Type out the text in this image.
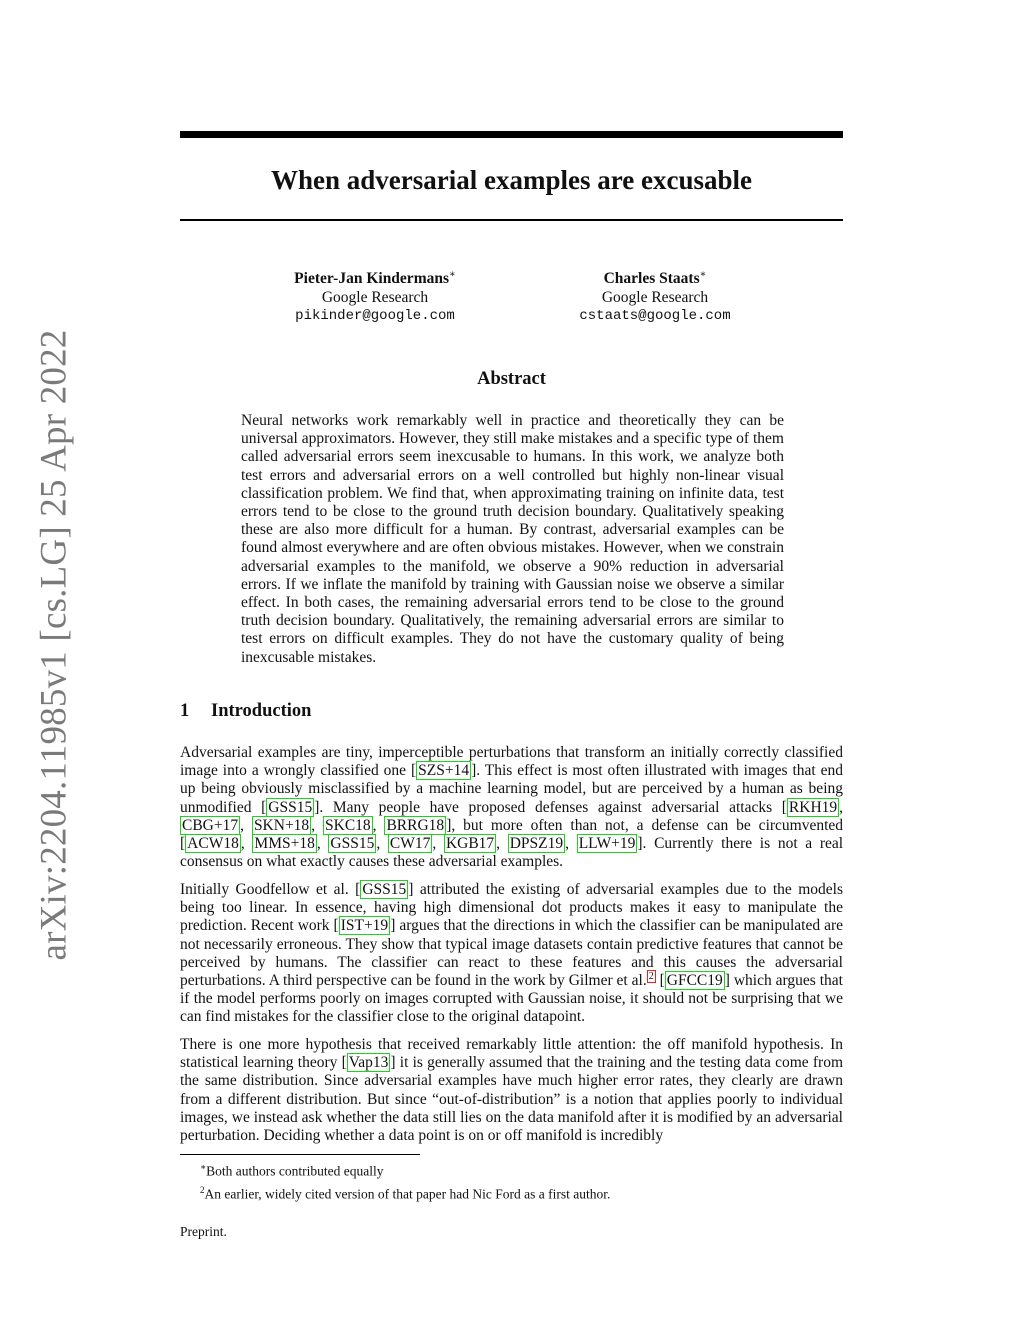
arXiv:2204.11985v1 [cs.LG] 25 Apr 2022
When adversarial examples are excusable
Pieter-Jan Kindermans∗
Google Research
pikinder@google.com
Charles Staats∗
Google Research
cstaats@google.com
Abstract

Neural networks work remarkably well in practice and theoretically they can be universal approximators. However, they still make mistakes and a specific type of them called adversarial errors seem inexcusable to humans. In this work, we analyze both test errors and adversarial errors on a well controlled but highly non-linear visual classification problem. We find that, when approximating training on infinite data, test errors tend to be close to the ground truth decision boundary. Qualitatively speaking these are also more difficult for a human. By contrast, adversarial examples can be found almost everywhere and are often obvious mistakes. However, when we constrain adversarial examples to the manifold, we observe a 90% reduction in adversarial errors. If we inflate the manifold by training with Gaussian noise we observe a similar effect. In both cases, the remaining adversarial errors tend to be close to the ground truth decision boundary. Qualitatively, the remaining adversarial errors are similar to test errors on difficult examples. They do not have the customary quality of being inexcusable mistakes.

1 Introduction

Adversarial examples are tiny, imperceptible perturbations that transform an initially correctly classified image into a wrongly classified one [ SZS+14 ]. This effect is most often illustrated with images that end up being obviously misclassified by a machine learning model, but are perceived by a human as being unmodified [ GSS15 ]. Many people have proposed defenses against adversarial attacks [ RKH19 , CBG+17 , SKN+18 , SKC18 , BRRG18 ], but more often than not, a defense can be circumvented [ ACW18 , MMS+18 , GSS15 , CW17 , KGB17 , DPSZ19 , LLW+19 ]. Currently there is not a real consensus on what exactly causes these adversarial examples.

Initially Goodfellow et al. [ GSS15 ] attributed the existing of adversarial examples due to the models being too linear. In essence, having high dimensional dot products makes it easy to manipulate the prediction. Recent work [ IST+19 ] argues that the directions in which the classifier can be manipulated are not necessarily erroneous. They show that typical image datasets contain predictive features that cannot be perceived by humans. The classifier can react to these features and this causes the adversarial perturbations. A third perspective can be found in the work by Gilmer et al. $^2$ [ GFCC19 ] which argues that if the model performs poorly on images corrupted with Gaussian noise, it should not be surprising that we can find mistakes for the classifier close to the original datapoint.

There is one more hypothesis that received remarkably little attention: the off manifold hypothesis. In statistical learning theory [ Vap13 ] it is generally assumed that the training and the testing data come from the same distribution. Since adversarial examples have much higher error rates, they clearly are drawn from a different distribution. But since “out-of-distribution” is a notion that applies poorly to individual images, we instead ask whether the data still lies on the data manifold after it is modified by an adversarial perturbation. Deciding whether a data point is on or off manifold is incredibly

∗Both authors contributed equally
$^2$An earlier, widely cited version of that paper had Nic Ford as a first author.
Preprint.
